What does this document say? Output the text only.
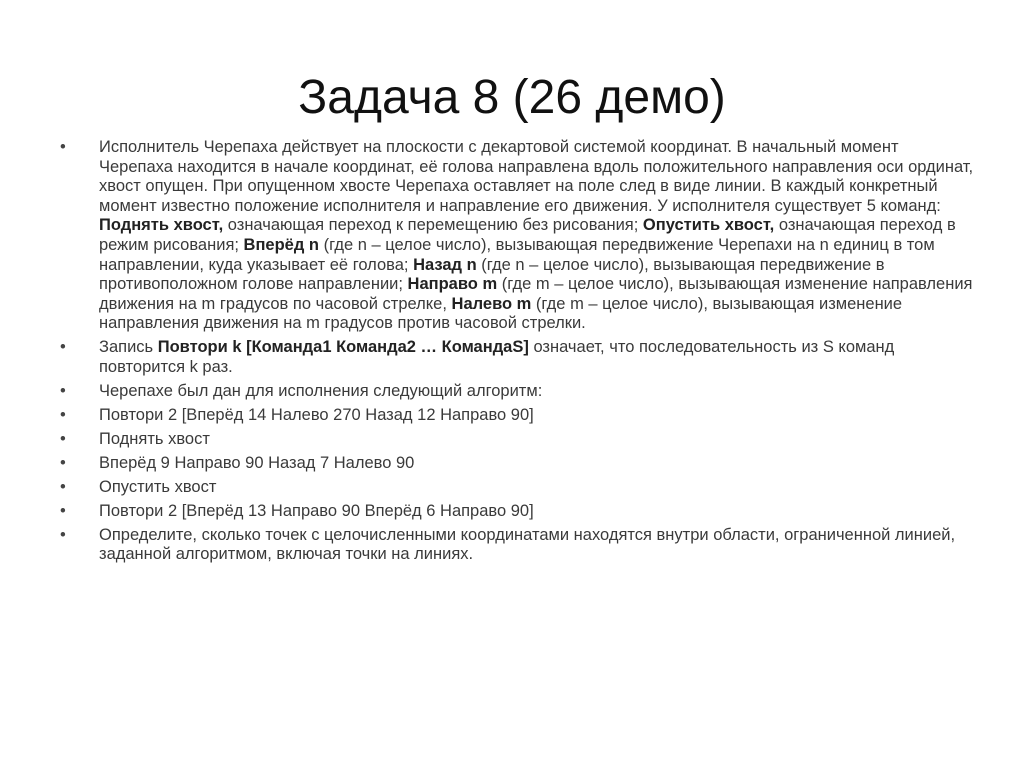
Задача 8 (26 демо)
• Исполнитель Черепаха действует на плоскости с декартовой системой координат. В начальный момент Черепаха находится в начале координат, её голова направлена вдоль положительного направления оси ординат, хвост опущен. При опущенном хвосте Черепаха оставляет на поле след в виде линии. В каждый конкретный момент известно положение исполнителя и направление его движения. У исполнителя существует 5 команд: Поднять хвост, означающая переход к перемещению без рисования; Опустить хвост, означающая переход в режим рисования; Вперёд n (где n – целое число), вызывающая передвижение Черепахи на n единиц в том направлении, куда указывает её голова; Назад n (где n – целое число), вызывающая передвижение в противоположном голове направлении; Направо m (где m – целое число), вызывающая изменение направления движения на m градусов по часовой стрелке, Налево m (где m – целое число), вызывающая изменение направления движения на m градусов против часовой стрелки.
• Запись Повтори k [Команда1 Команда2 … КомандаS] означает, что последовательность из S команд повторится k раз.
• Черепахе был дан для исполнения следующий алгоритм:
• Повтори 2 [Вперёд 14 Налево 270 Назад 12 Направо 90]
• Поднять хвост
• Вперёд 9 Направо 90 Назад 7 Налево 90
• Опустить хвост
• Повтори 2 [Вперёд 13 Направо 90 Вперёд 6 Направо 90]
• Определите, сколько точек с целочисленными координатами находятся внутри области, ограниченной линией, заданной алгоритмом, включая точки на линиях.
